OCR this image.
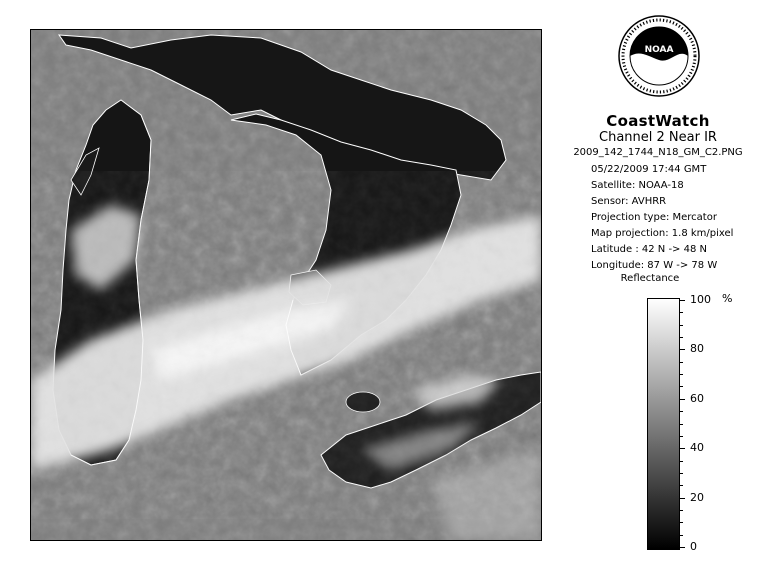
NOAA
CoastWatch
Channel 2 Near IR
2009_142_1744_N18_GM_C2.PNG
05/22/2009 17:44 GMT
Satellite: NOAA-18
Sensor: AVHRR
Projection type: Mercator
Map projection: 1.8 km/pixel
Latitude : 42 N -> 48 N
Longitude: 87 W -> 78 W
Reflectance
100
80
60
40
20
0
%
